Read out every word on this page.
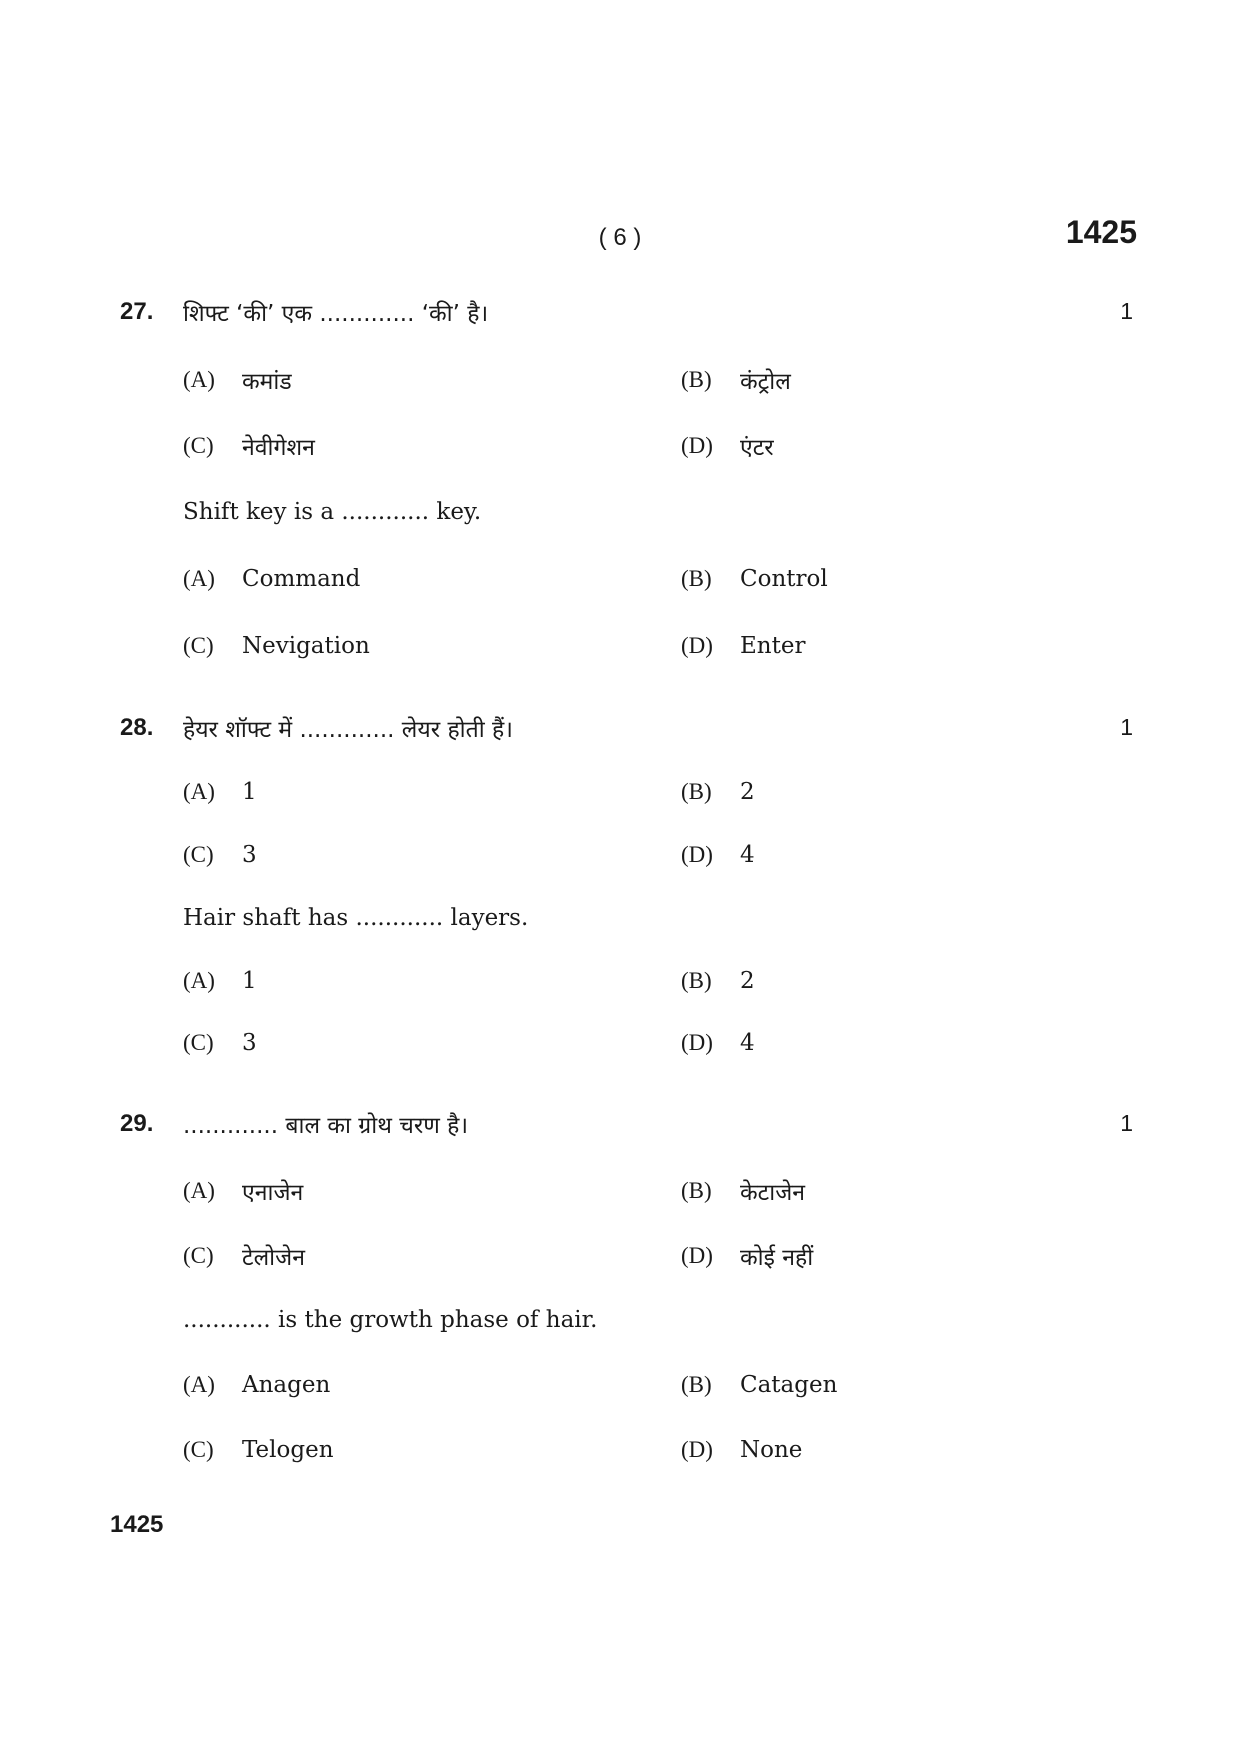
( 6 )	1425
27. शिफ्ट ‘की’ एक ............. ‘की’ है।	1
(A) कमांड	(B) कंट्रोल
(C) नेवीगेशन	(D) एंटर
Shift key is a ............ key.
(A) Command	(B) Control
(C) Nevigation	(D) Enter
28. हेयर शॉफ्ट में ............. लेयर होती हैं।	1
(A) 1	(B) 2
(C) 3	(D) 4
Hair shaft has ............ layers.
(A) 1	(B) 2
(C) 3	(D) 4
29. ............. बाल का ग्रोथ चरण है।	1
(A) एनाजेन	(B) केटाजेन
(C) टेलोजेन	(D) कोई नहीं
............ is the growth phase of hair.
(A) Anagen	(B) Catagen
(C) Telogen	(D) None
1425
